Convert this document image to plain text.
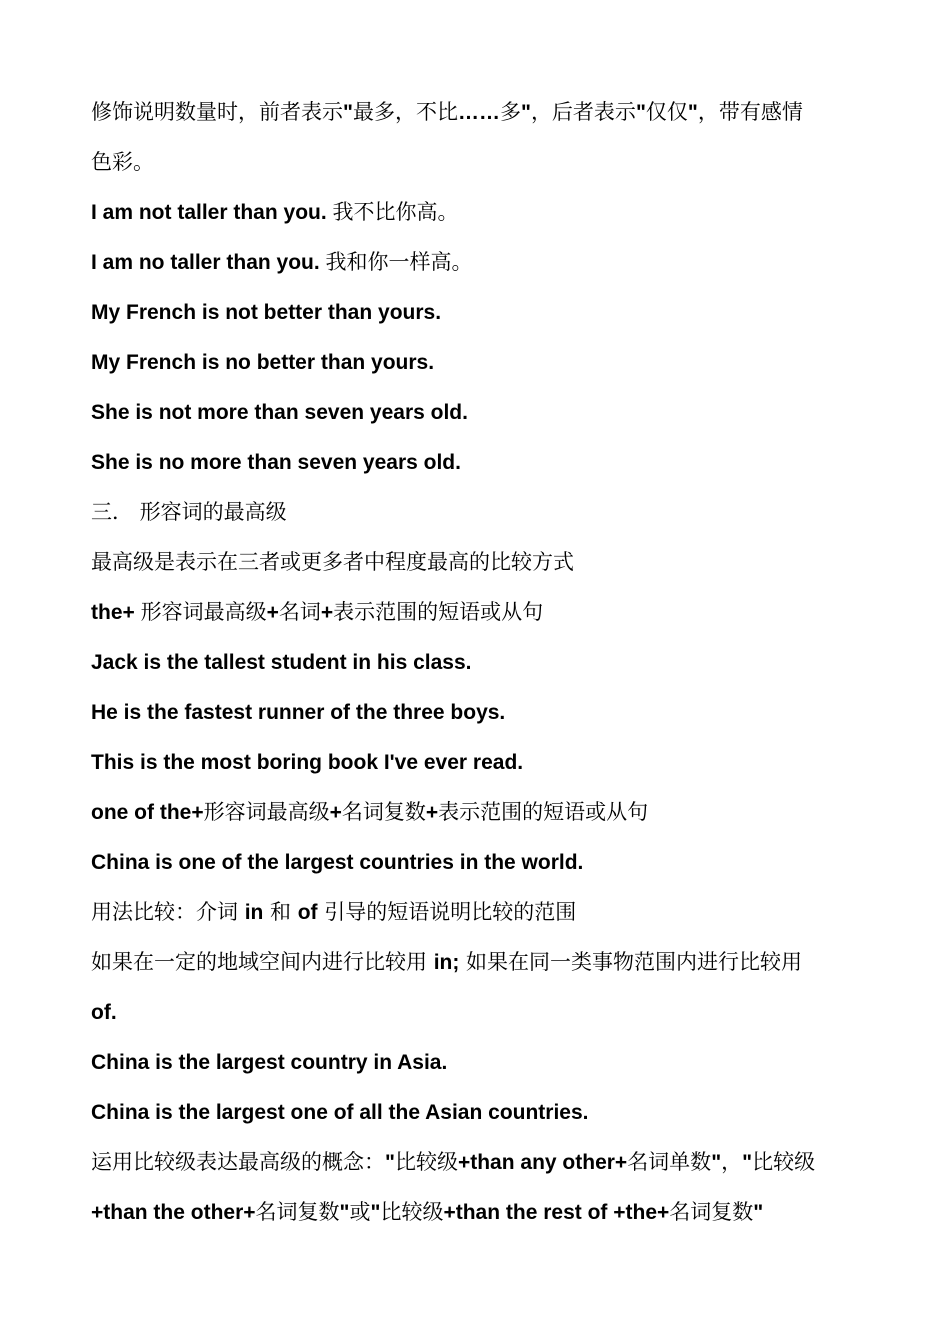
修饰说明数量时，前者表示"最多，不比……多"，后者表示"仅仅"，带有感情
色彩。
I am not taller than you. 我不比你高。
I am no taller than you. 我和你一样高。
My French is not better than yours.
My French is no better than yours.
She is not more than seven years old.
She is no more than seven years old.
三． 形容词的最高级
最高级是表示在三者或更多者中程度最高的比较方式
the+ 形容词最高级+名词+表示范围的短语或从句
Jack is the tallest student in his class.
He is the fastest runner of the three boys.
This is the most boring book I've ever read.
one of the+形容词最高级+名词复数+表示范围的短语或从句
China is one of the largest countries in the world.
用法比较：介词 in 和 of 引导的短语说明比较的范围
如果在一定的地域空间内进行比较用 in; 如果在同一类事物范围内进行比较用
of.
China is the largest country in Asia.
China is the largest one of all the Asian countries.
运用比较级表达最高级的概念："比较级+than any other+名词单数"，"比较级
+than the other+名词复数"或"比较级+than the rest of +the+名词复数"
